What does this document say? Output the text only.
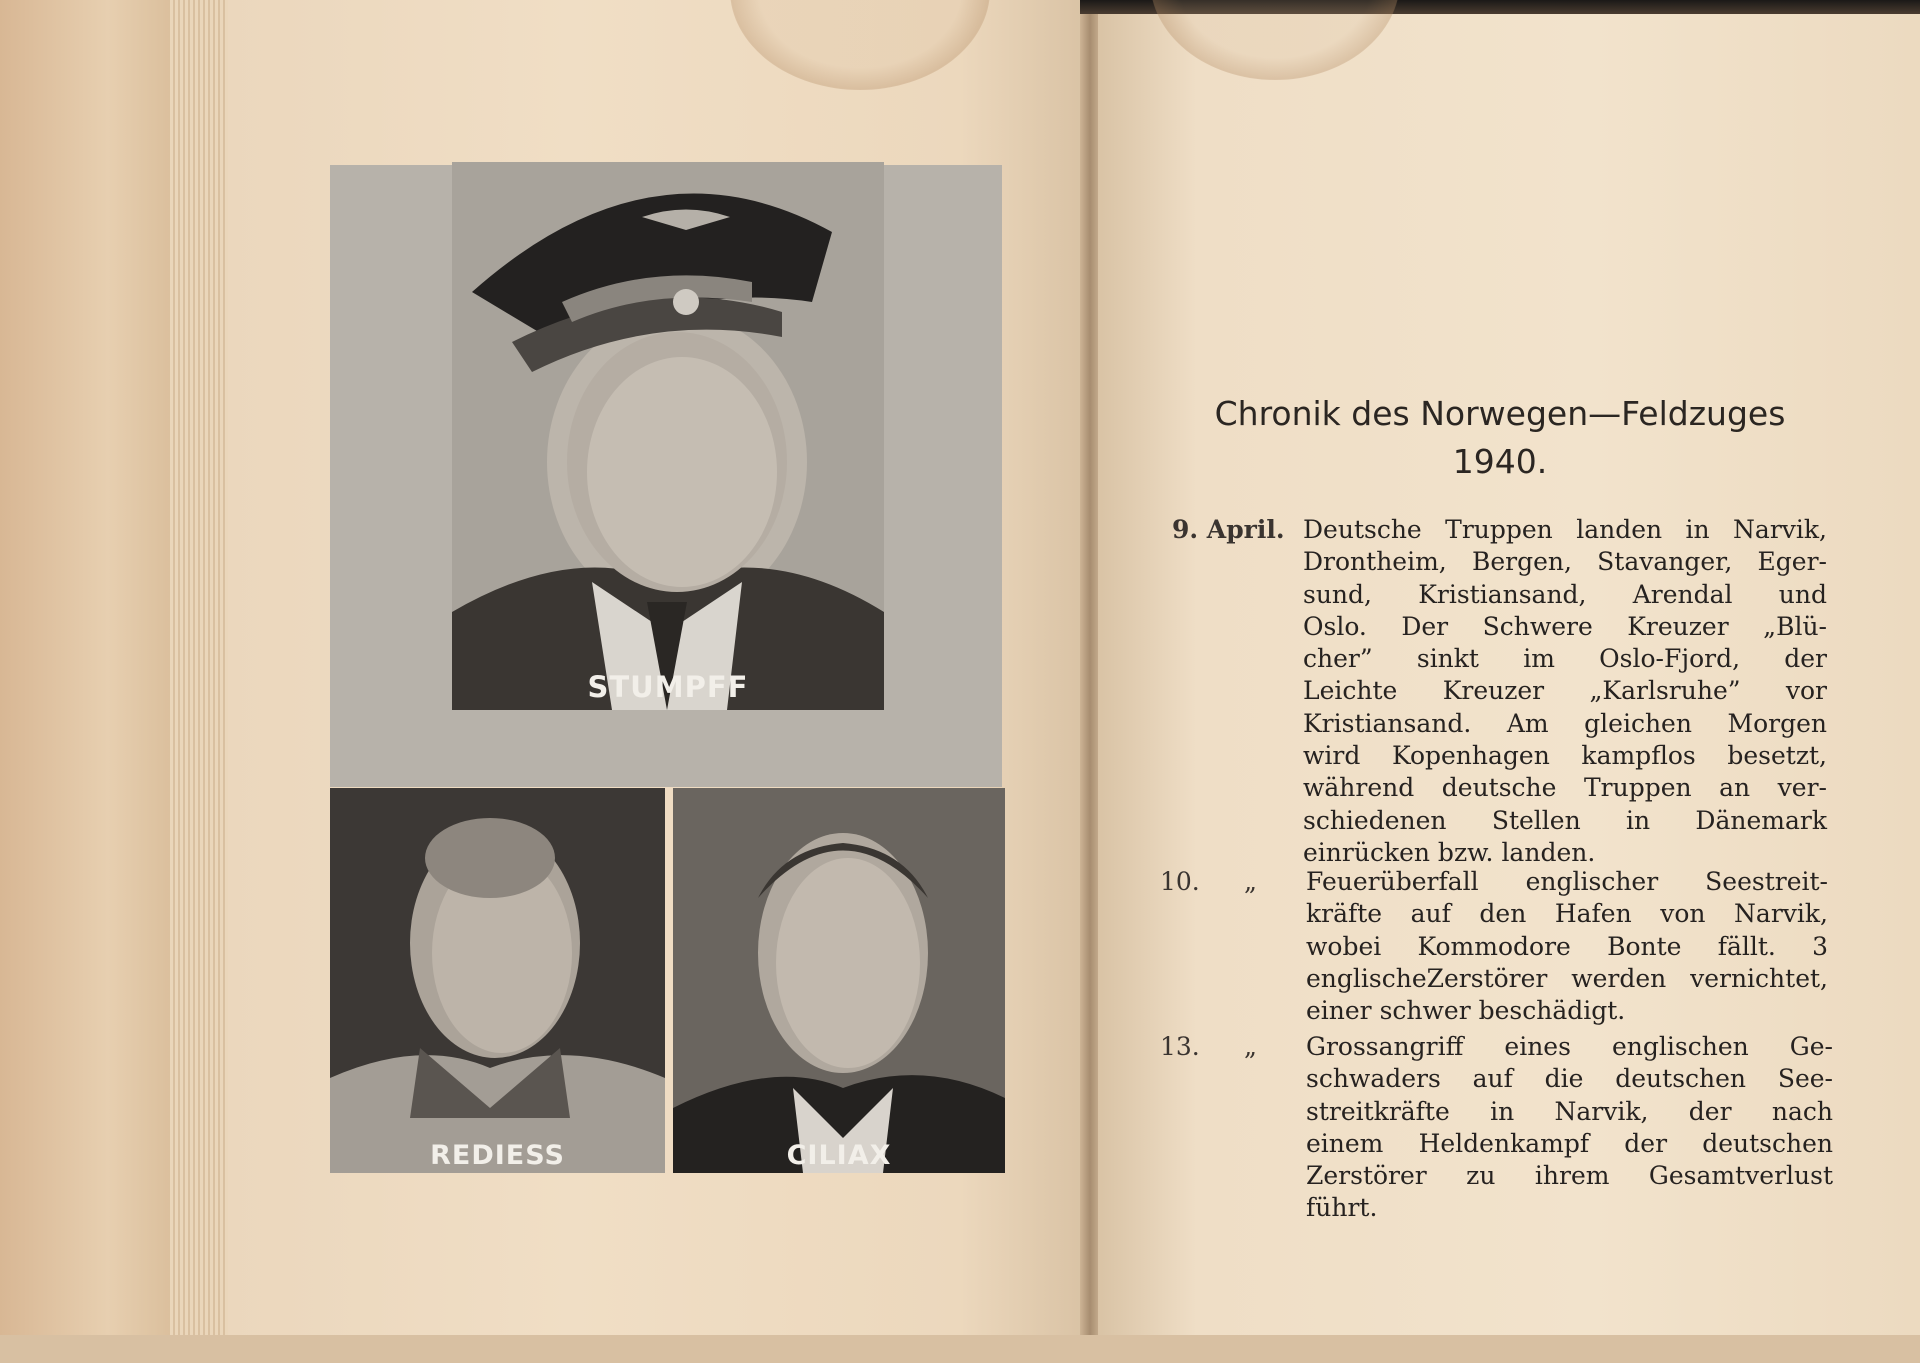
STUMPFF
REDIESS	CILIAX
Chronik des Norwegen—Feldzuges
1940.
9. April. Deutsche Truppen landen in Narvik,
Drontheim, Bergen, Stavanger, Eger-
sund, Kristiansand, Arendal und
Oslo. Der Schwere Kreuzer „Blü-
cher” sinkt im Oslo-Fjord, der
Leichte Kreuzer „Karlsruhe” vor
Kristiansand. Am gleichen Morgen
wird Kopenhagen kampflos besetzt,
während deutsche Truppen an ver-
schiedenen Stellen in Dänemark
einrücken bzw. landen.
10. „ Feuerüberfall englischer Seestreit-
kräfte auf den Hafen von Narvik,
wobei Kommodore Bonte fällt. 3
englischeZerstörer werden vernichtet,
einer schwer beschädigt.
13. „ Grossangriff eines englischen Ge-
schwaders auf die deutschen See-
streitkräfte in Narvik, der nach
einem Heldenkampf der deutschen
Zerstörer zu ihrem Gesamtverlust
führt.
